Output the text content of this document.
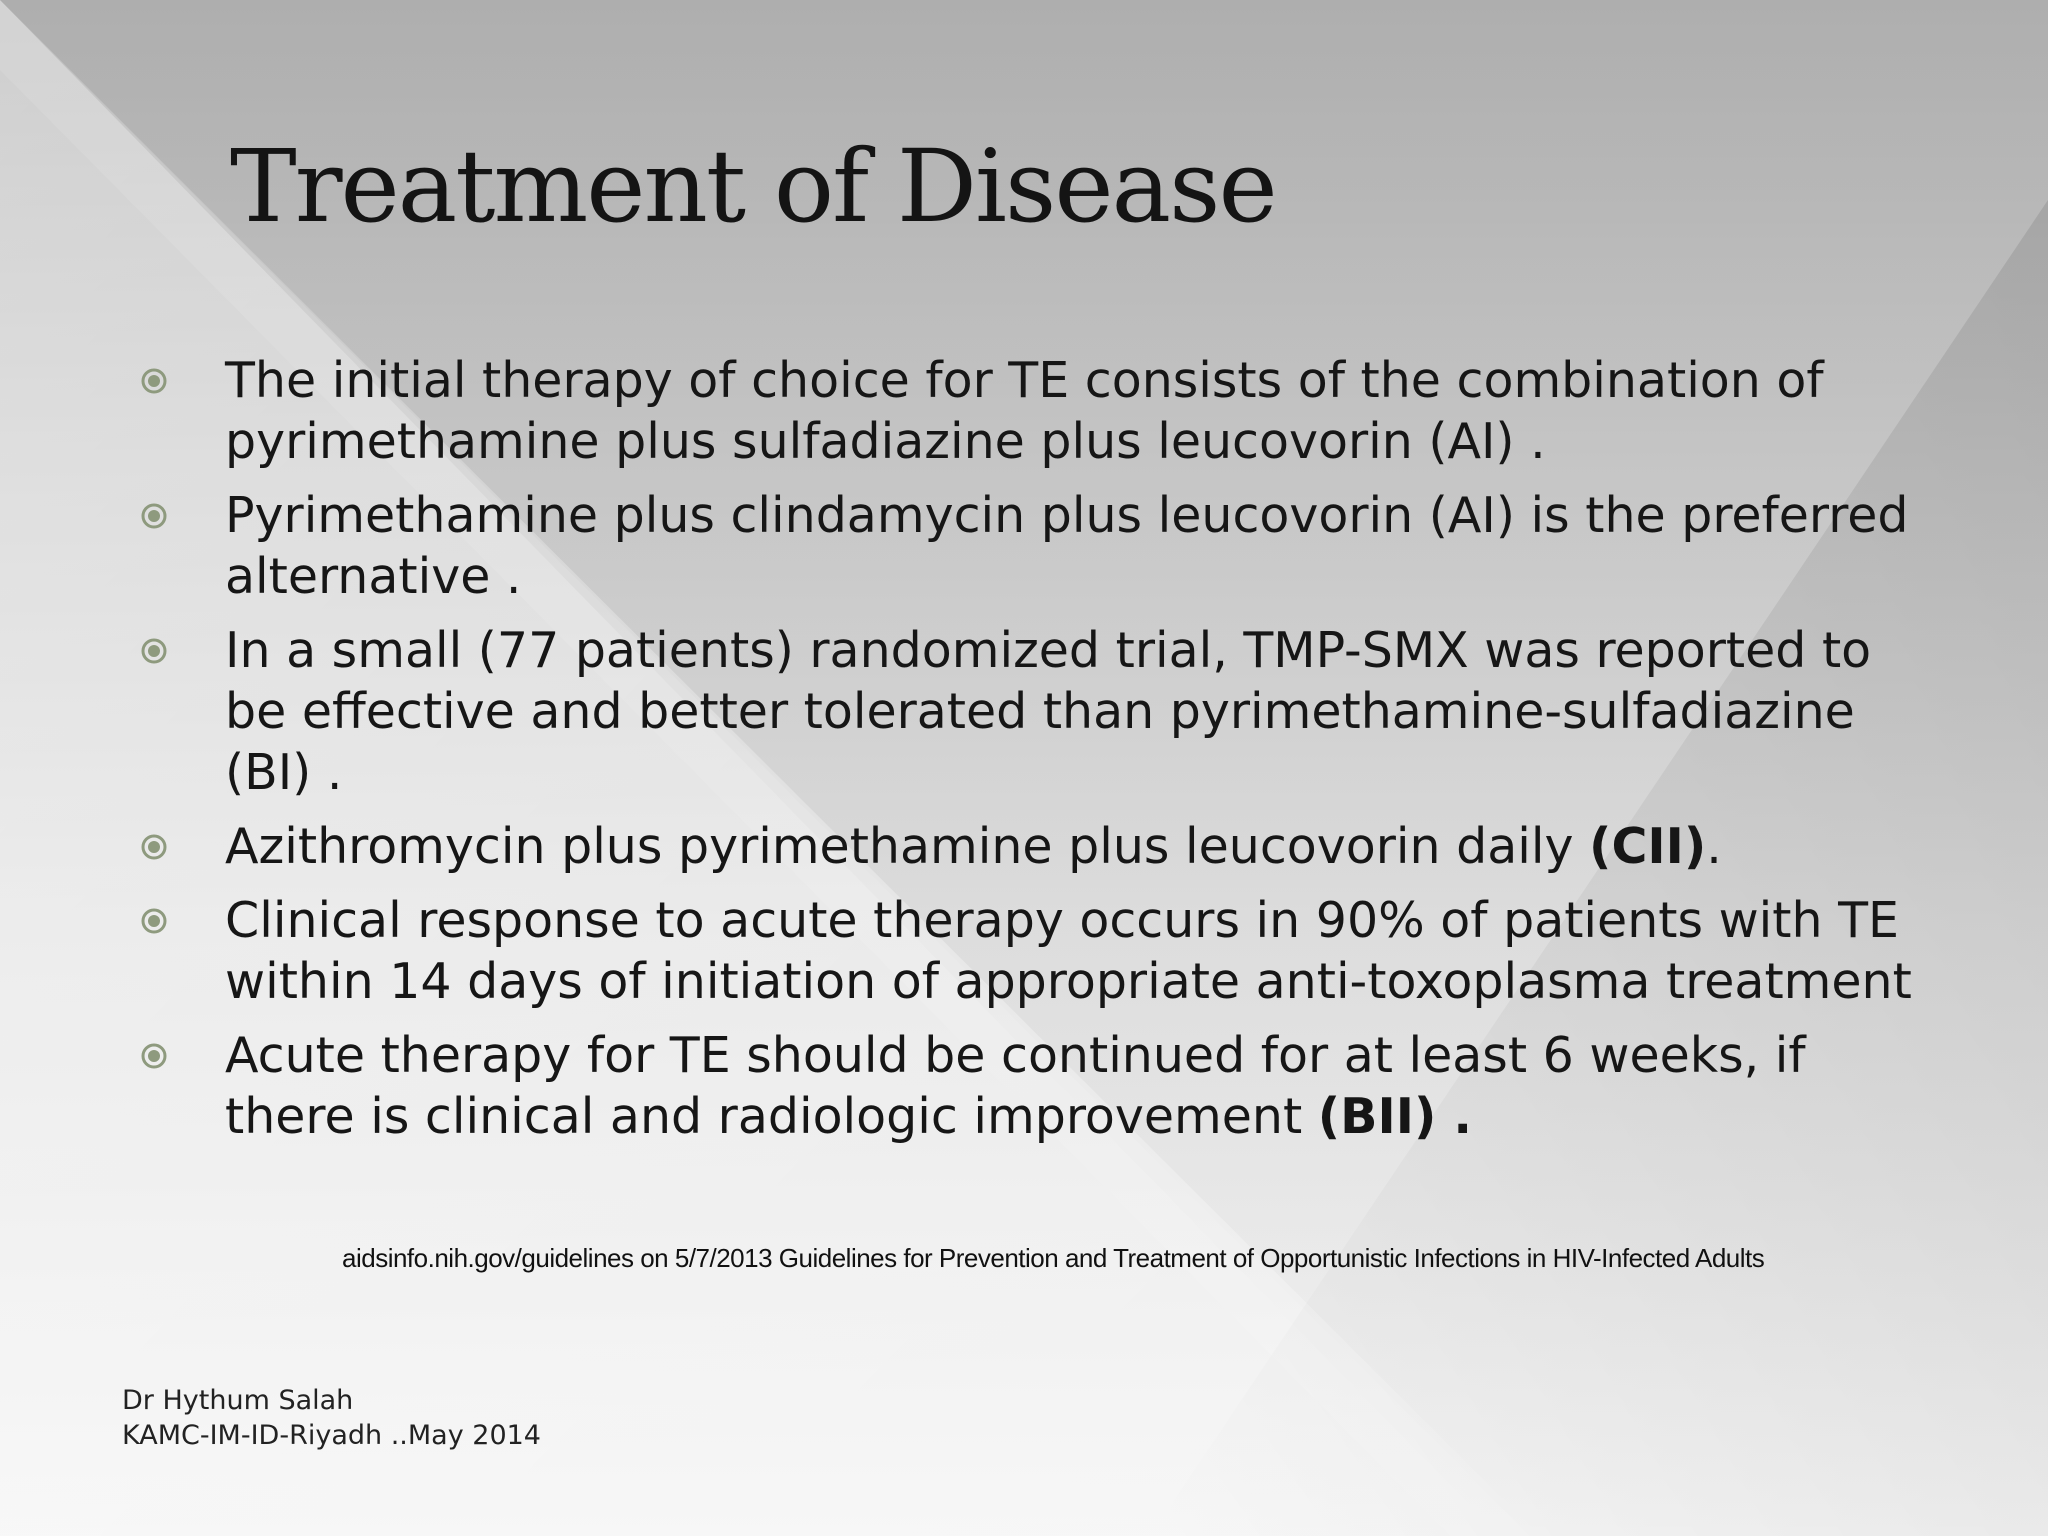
Treatment of Disease
The initial therapy of choice for TE consists of the combination of pyrimethamine plus sulfadiazine plus leucovorin (AI) .
Pyrimethamine plus clindamycin plus leucovorin (AI) is the preferred alternative .
In a small (77 patients) randomized trial, TMP-SMX was reported to be effective and better tolerated than pyrimethamine-sulfadiazine (BI) .
Azithromycin plus pyrimethamine plus leucovorin daily (CII).
Clinical response to acute therapy occurs in 90% of patients with TE within 14 days of initiation of appropriate anti-toxoplasma treatment
Acute therapy for TE should be continued for at least 6 weeks, if there is clinical and radiologic improvement (BII) .
aidsinfo.nih.gov/guidelines on 5/7/2013 Guidelines for Prevention and Treatment of Opportunistic Infections in HIV-Infected Adults
Dr Hythum Salah
KAMC-IM-ID-Riyadh ..May 2014
